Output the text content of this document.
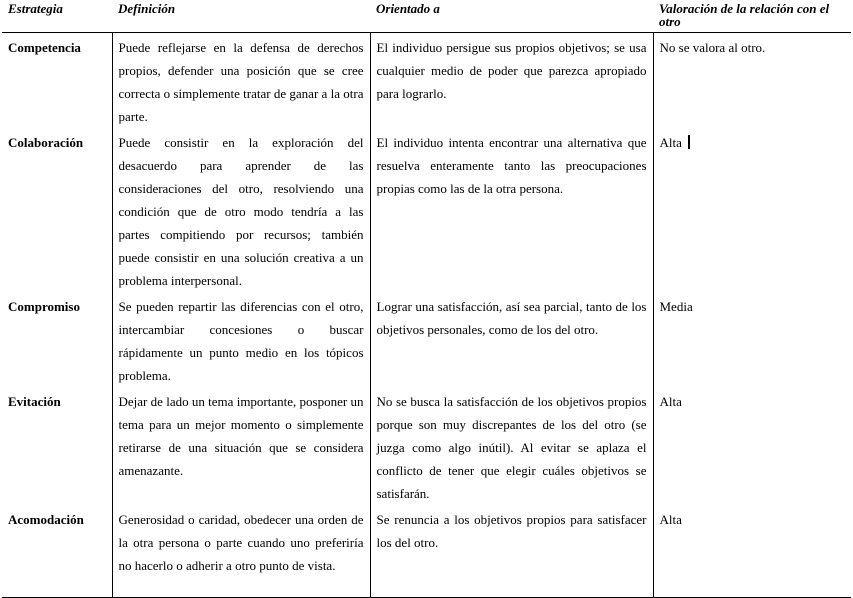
Estrategia	Definición	Orientado a	Valoración de la relación con el otro
Competencia	Puede reflejarse en la defensa de derechos propios, defender una posición que se cree correcta o simplemente tratar de ganar a la otra parte.	El individuo persigue sus propios objetivos; se usa cualquier medio de poder que parezca apropiado para lograrlo.	No se valora al otro.
Colaboración	Puede consistir en la exploración del desacuerdo para aprender de las consideraciones del otro, resolviendo una condición que de otro modo tendría a las partes compitiendo por recursos; también puede consistir en una solución creativa a un problema interpersonal.	El individuo intenta encontrar una alternativa que resuelva enteramente tanto las preocupaciones propias como las de la otra persona.	Alta
Compromiso	Se pueden repartir las diferencias con el otro, intercambiar concesiones o buscar rápidamente un punto medio en los tópicos problema.	Lograr una satisfacción, así sea parcial, tanto de los objetivos personales, como de los del otro.	Media
Evitación	Dejar de lado un tema importante, posponer un tema para un mejor momento o simplemente retirarse de una situación que se considera amenazante.	No se busca la satisfacción de los objetivos propios porque son muy discrepantes de los del otro (se juzga como algo inútil). Al evitar se aplaza el conflicto de tener que elegir cuáles objetivos se satisfarán.	Alta
Acomodación	Generosidad o caridad, obedecer una orden de la otra persona o parte cuando uno preferiría no hacerlo o adherir a otro punto de vista.	Se renuncia a los objetivos propios para satisfacer los del otro.	Alta
